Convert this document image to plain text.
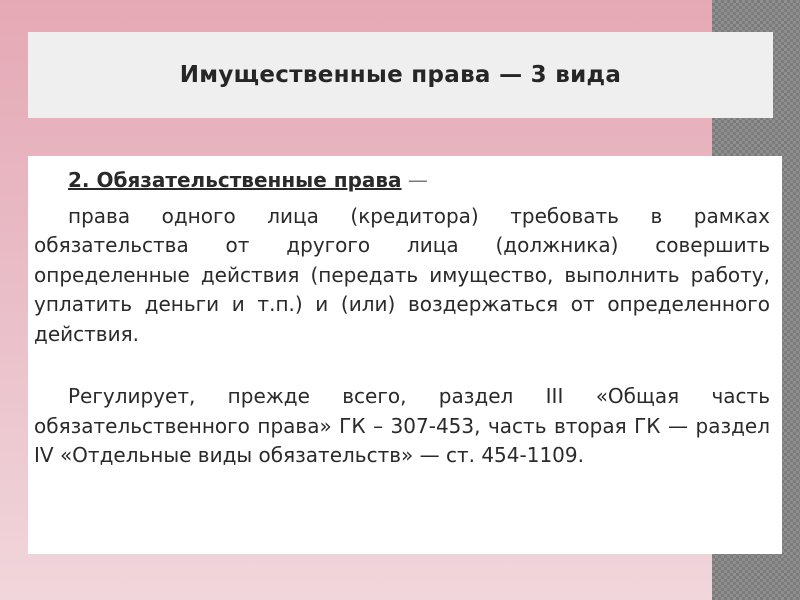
Имущественные права — 3 вида

2. Обязательственные права —

права одного лица (кредитора) требовать в рамках обязательства от другого лица (должника) совершить определенные действия (передать имущество, выполнить работу, уплатить деньги и т.п.) и (или) воздержаться от определенного действия.

Регулирует, прежде всего, раздел III «Общая часть обязательственного права» ГК – 307-453, часть вторая ГК — раздел IV «Отдельные виды обязательств» — ст. 454-1109.
